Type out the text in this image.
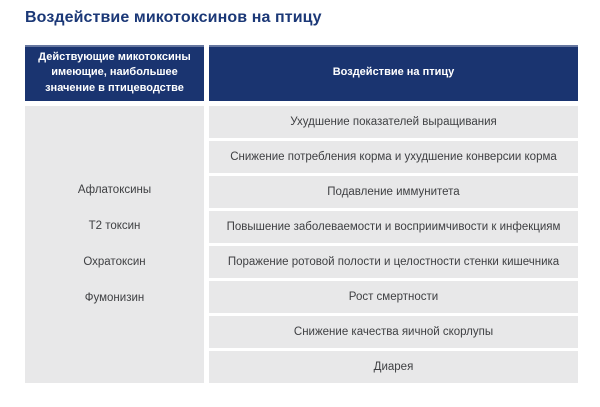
Воздействие микотоксинов на птицу
Действующие микотоксины имеющие, наибольшее значение в птицеводстве
Воздействие на птицу
Афлатоксины
Т2 токсин
Охратоксин
Фумонизин
Ухудшение показателей выращивания
Снижение потребления корма и ухудшение конверсии корма
Подавление иммунитета
Повышение заболеваемости и восприимчивости к инфекциям
Поражение ротовой полости и целостности стенки кишечника
Рост смертности
Снижение качества яичной скорлупы
Диарея
